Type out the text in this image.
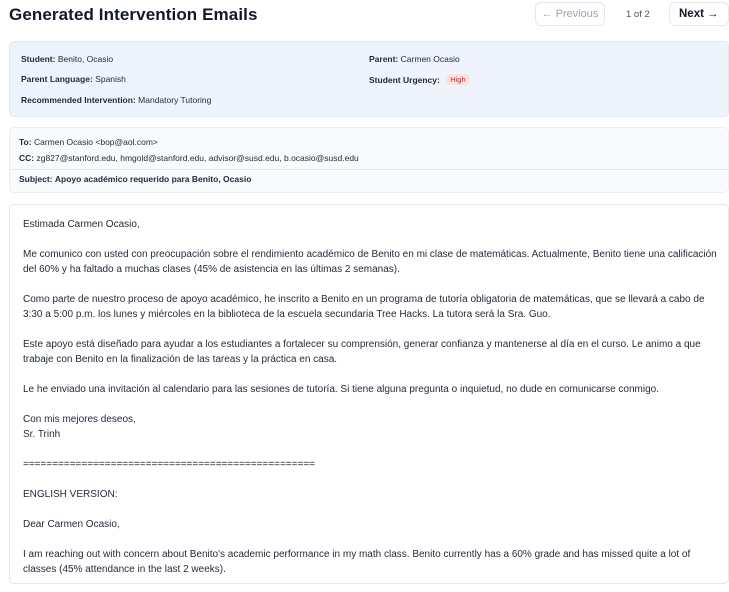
Generated Intervention Emails	← Previous	1 of 2	Next →
Student: Benito, Ocasio	Parent: Carmen Ocasio
Parent Language: Spanish	Student Urgency: High
Recommended Intervention: Mandatory Tutoring
To: Carmen Ocasio <bop@aol.com>
CC: zg827@stanford.edu, hmgold@stanford.edu, advisor@susd.edu, b.ocasio@susd.edu
Subject: Apoyo académico requerido para Benito, Ocasio

Estimada Carmen Ocasio,

Me comunico con usted con preocupación sobre el rendimiento académico de Benito en mi clase de matemáticas. Actualmente, Benito tiene una calificación del 60% y ha faltado a muchas clases (45% de asistencia en las últimas 2 semanas).

Como parte de nuestro proceso de apoyo académico, he inscrito a Benito en un programa de tutoría obligatoria de matemáticas, que se llevará a cabo de 3:30 a 5:00 p.m. los lunes y miércoles en la biblioteca de la escuela secundaria Tree Hacks. La tutora será la Sra. Guo.

Este apoyo está diseñado para ayudar a los estudiantes a fortalecer su comprensión, generar confianza y mantenerse al día en el curso. Le animo a que trabaje con Benito en la finalización de las tareas y la práctica en casa.

Le he enviado una invitación al calendario para las sesiones de tutoría. Si tiene alguna pregunta o inquietud, no dude en comunicarse conmigo.

Con mis mejores deseos,

Sr. Trinh

==================================================

ENGLISH VERSION:

Dear Carmen Ocasio,

I am reaching out with concern about Benito's academic performance in my math class. Benito currently has a 60% grade and has missed quite a lot of classes (45% attendance in the last 2 weeks).
